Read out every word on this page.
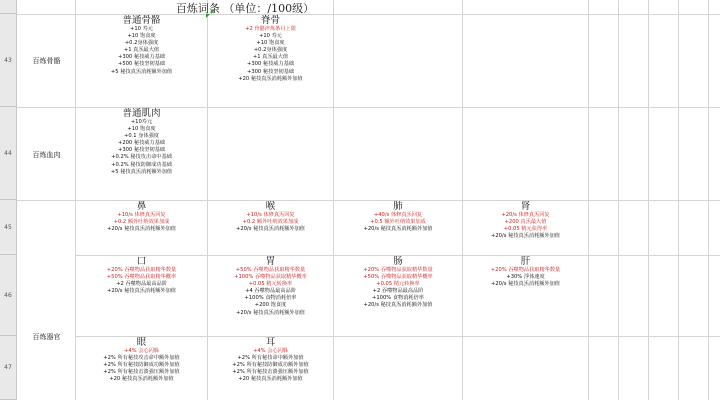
43
44
45
46
47
百炼词条 （单位：/100级）
百炼骨骼
百炼血肉
百炼器官
普通骨骼
+10 寿元
+10 饱食度
+0.2身体强度
+1 真炁最大值
+300 秘技威力基础
+500 秘技坚韧基础
+5 秘技真炁消耗额外加值
脊骨
+2 骨骼淬炼条目上限
+10 寿元
+10 饱食度
+0.2身体强度
+1 真炁最大值
+300 秘技威力基础
+300 秘技坚韧基础
+20 秘技真炁消耗额外加值
普通肌肉
+10寿元
+10 饱食度
+0.1 身体强度
+200 秘技威力基础
+300 秘技坚韧基础
+0.2% 秘技攻击命中基础
+0.2% 秘技防御成功基础
+5 秘技真炁消耗额外加值
鼻
+10/s 体修真炁回复
+0.2 额外吐纳效果加成
+20/s 秘技真炁消耗额外加值
喉
+10/s 体修真炁回复
+0.2 额外吐纳效果加成
+20/s 秘技真炁消耗额外加值
肺
+40/s 体修真炁回复
+0.5 额外吐纳效果加成
+20/s 秘技真炁消耗额外加值
肾
+20/s 体修真炁回复
+200 真炁最大值
+0.05 精元获得率
+20/s 秘技真炁消耗额外加值
口
+20% 吞噬物品获取精华数量
+50% 吞噬物品获取精华概率
+2 吞噬物品最高品阶
+20/s 秘技真炁消耗额外加值
胃
+50% 吞噬物品获取精华数量
+100% 吞噬物品获取精华概率
+0.05 精元转换率
+4 吞噬物品最高品阶
+100% 食物消耗倍率
+200 饱食度
+20/s 秘技真炁消耗额外加值
肠
+20% 吞噬物品获取精华数量
+50% 吞噬物品获取精华概率
+0.05 精元转换率
+2 吞噬物品最高品阶
+100% 食物消耗倍率
+20/s 秘技真炁消耗额外加值
肝
+20% 吞噬物品获取精华数量
+30% 浮体速度
+20/s 秘技真炁消耗额外加值
眼
+4% 会心闪躲
+2% 所有秘技攻击命中额外加值
+2% 所有秘技防御成功额外加值
+2% 所有秘技击溃强压额外加值
+20 秘技真炁消耗额外加值
耳
+4% 会心闪躲
+2% 所有秘技命中额外加值
+2% 所有秘技防御成功额外加值
+2% 所有秘技击溃强压额外加值
+20 秘技真炁消耗额外加值
